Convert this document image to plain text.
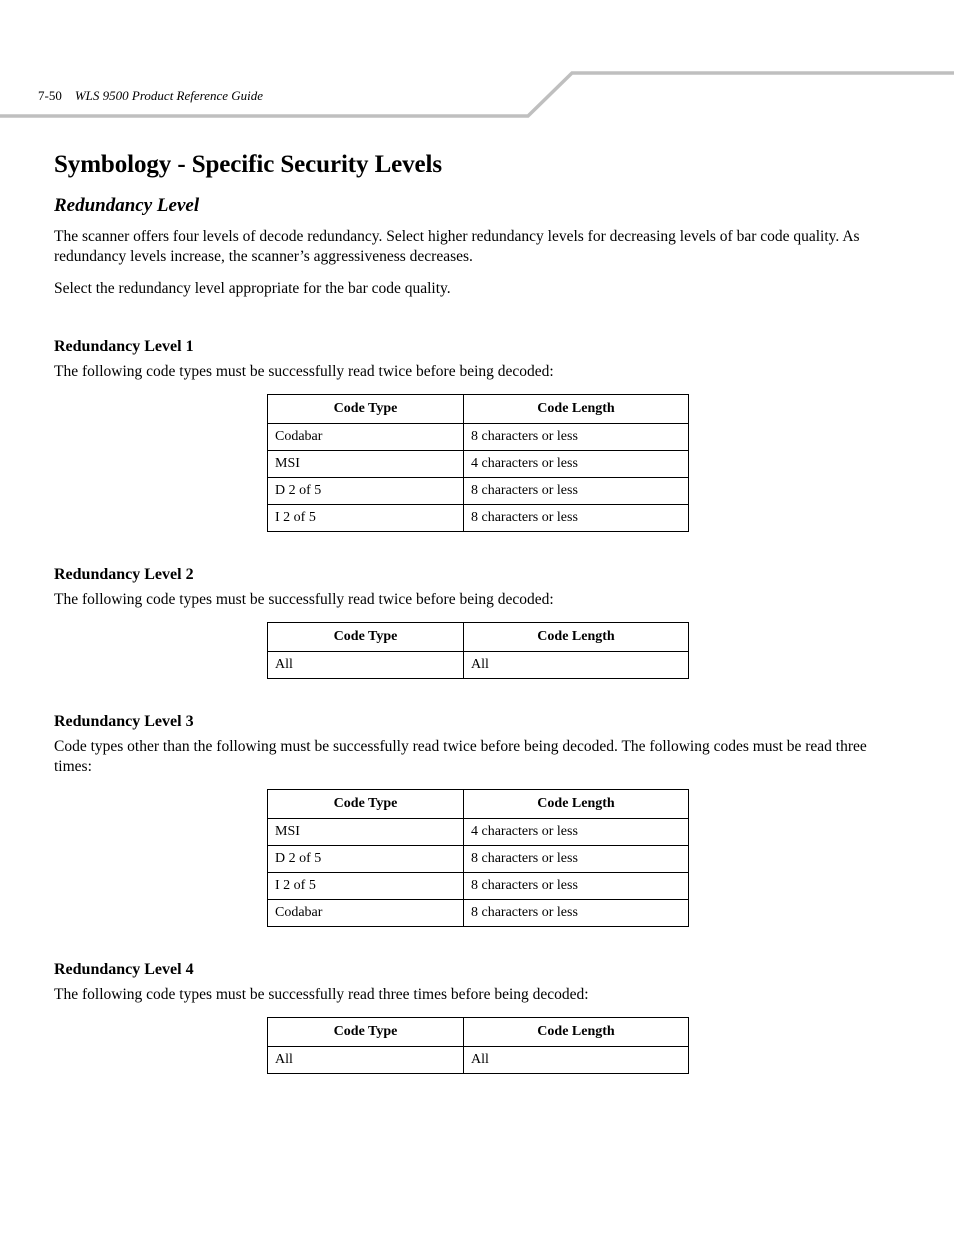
7-50 WLS 9500 Product Reference Guide
Symbology - Specific Security Levels
Redundancy Level

The scanner offers four levels of decode redundancy. Select higher redundancy levels for decreasing levels of bar code quality. As redundancy levels increase, the scanner’s aggressiveness decreases.

Select the redundancy level appropriate for the bar code quality.

Redundancy Level 1

The following code types must be successfully read twice before being decoded:

Code Type	Code Length
Codabar	8 characters or less
MSI	4 characters or less
D 2 of 5	8 characters or less
I 2 of 5	8 characters or less
Redundancy Level 2

The following code types must be successfully read twice before being decoded:

Code Type	Code Length
All	All
Redundancy Level 3

Code types other than the following must be successfully read twice before being decoded. The following codes must be read three times:

Code Type	Code Length
MSI	4 characters or less
D 2 of 5	8 characters or less
I 2 of 5	8 characters or less
Codabar	8 characters or less
Redundancy Level 4

The following code types must be successfully read three times before being decoded:

Code Type	Code Length
All	All
